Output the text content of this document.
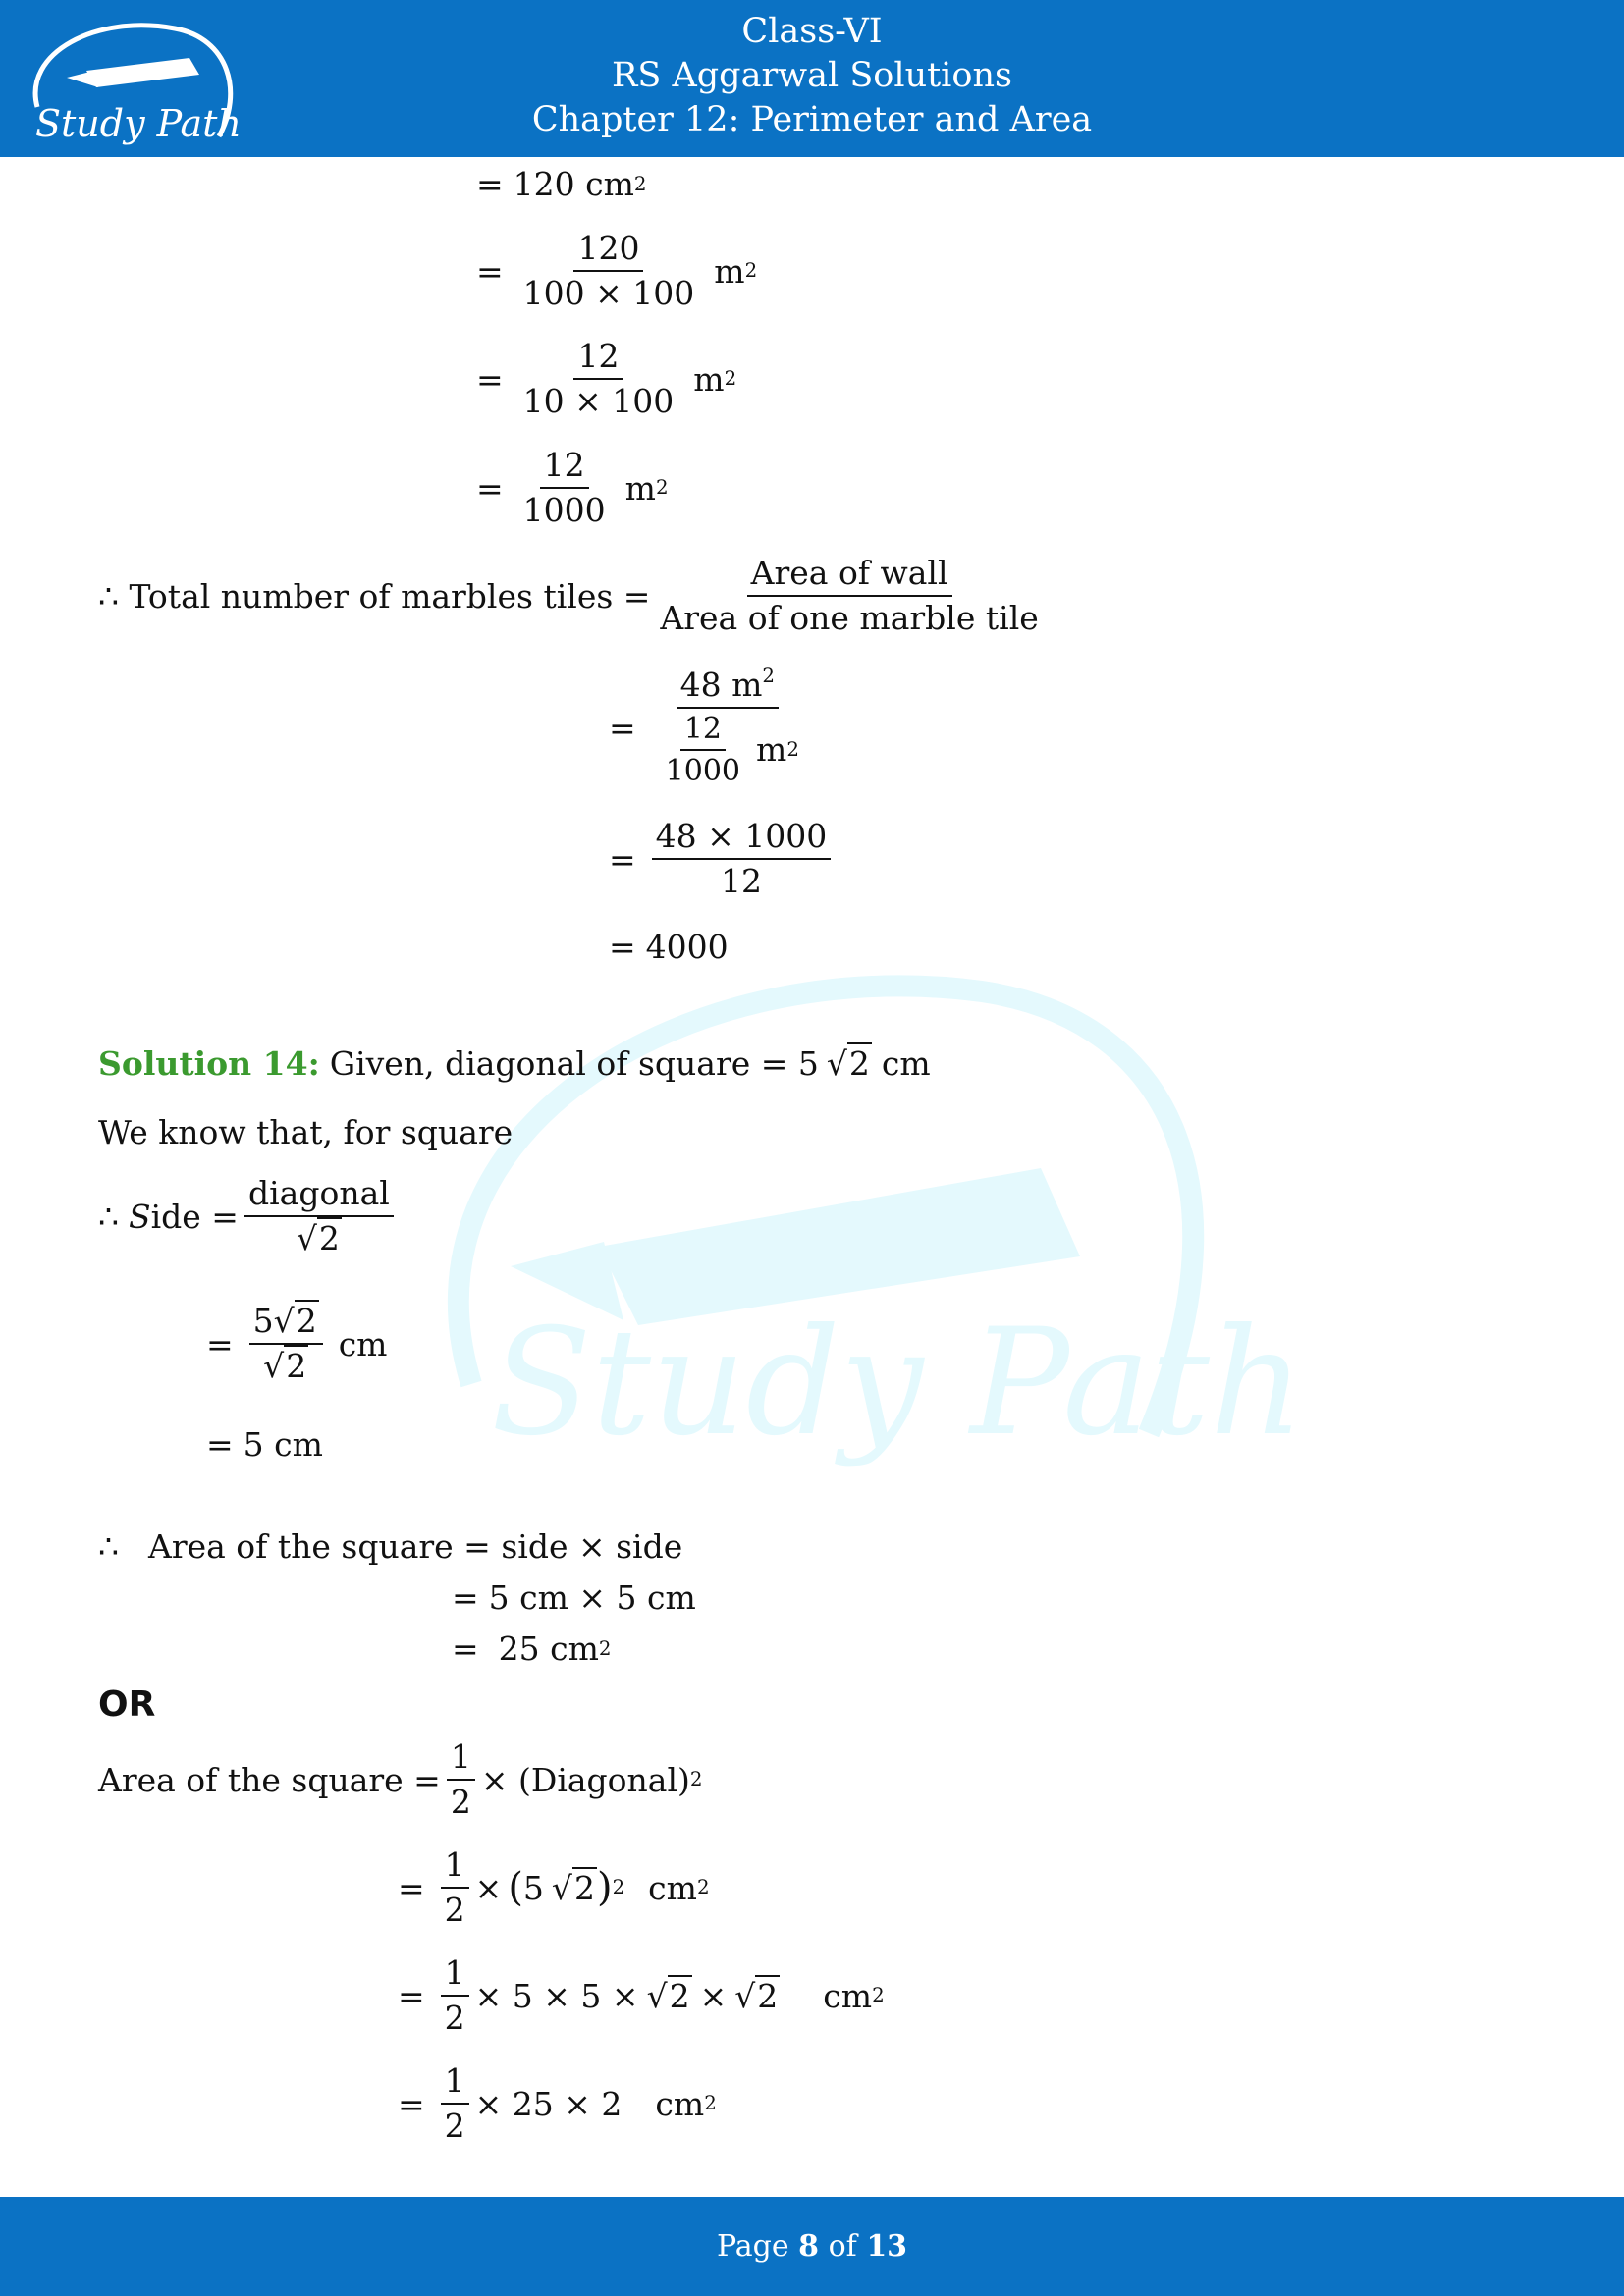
Study Path
Class-VI
RS Aggarwal Solutions
Chapter 12: Perimeter and Area
Study Path
= 120 cm 2
= $\frac{120}{100 \times 100}$ m 2
= $\frac{12}{10 \times 100}$ m 2
= $\frac{12}{1000}$ m 2
∴ Total number of marbles tiles = $\frac{\text{Area of wall}}{\text{Area of one marble tile}}$
= $\frac{48 m^2}{\frac{12}{1000} m 2}$
= $\frac{48 \times 1000}{12}$
= 4000
Solution 14: Given, diagonal of square = 5 √2 cm
We know that, for square
∴ S ide = $\frac{\text{diagonal}}{√2}$
= $\frac{5√2}{√2}$ cm
= 5 cm
∴ Area of the square = side × side
= 5 cm × 5 cm
= 25 cm 2
OR
Area of the square = $\frac{1}{2}$ × (Diagonal) 2
= $\frac{1}{2}$ × ( 5 √2 ) 2 cm 2
= $\frac{1}{2} \times 5 \times 5 \times √2 \times √2$ cm 2
= $\frac{1}{2} \times 25 \times 2$ cm 2
Page 8 of 13
